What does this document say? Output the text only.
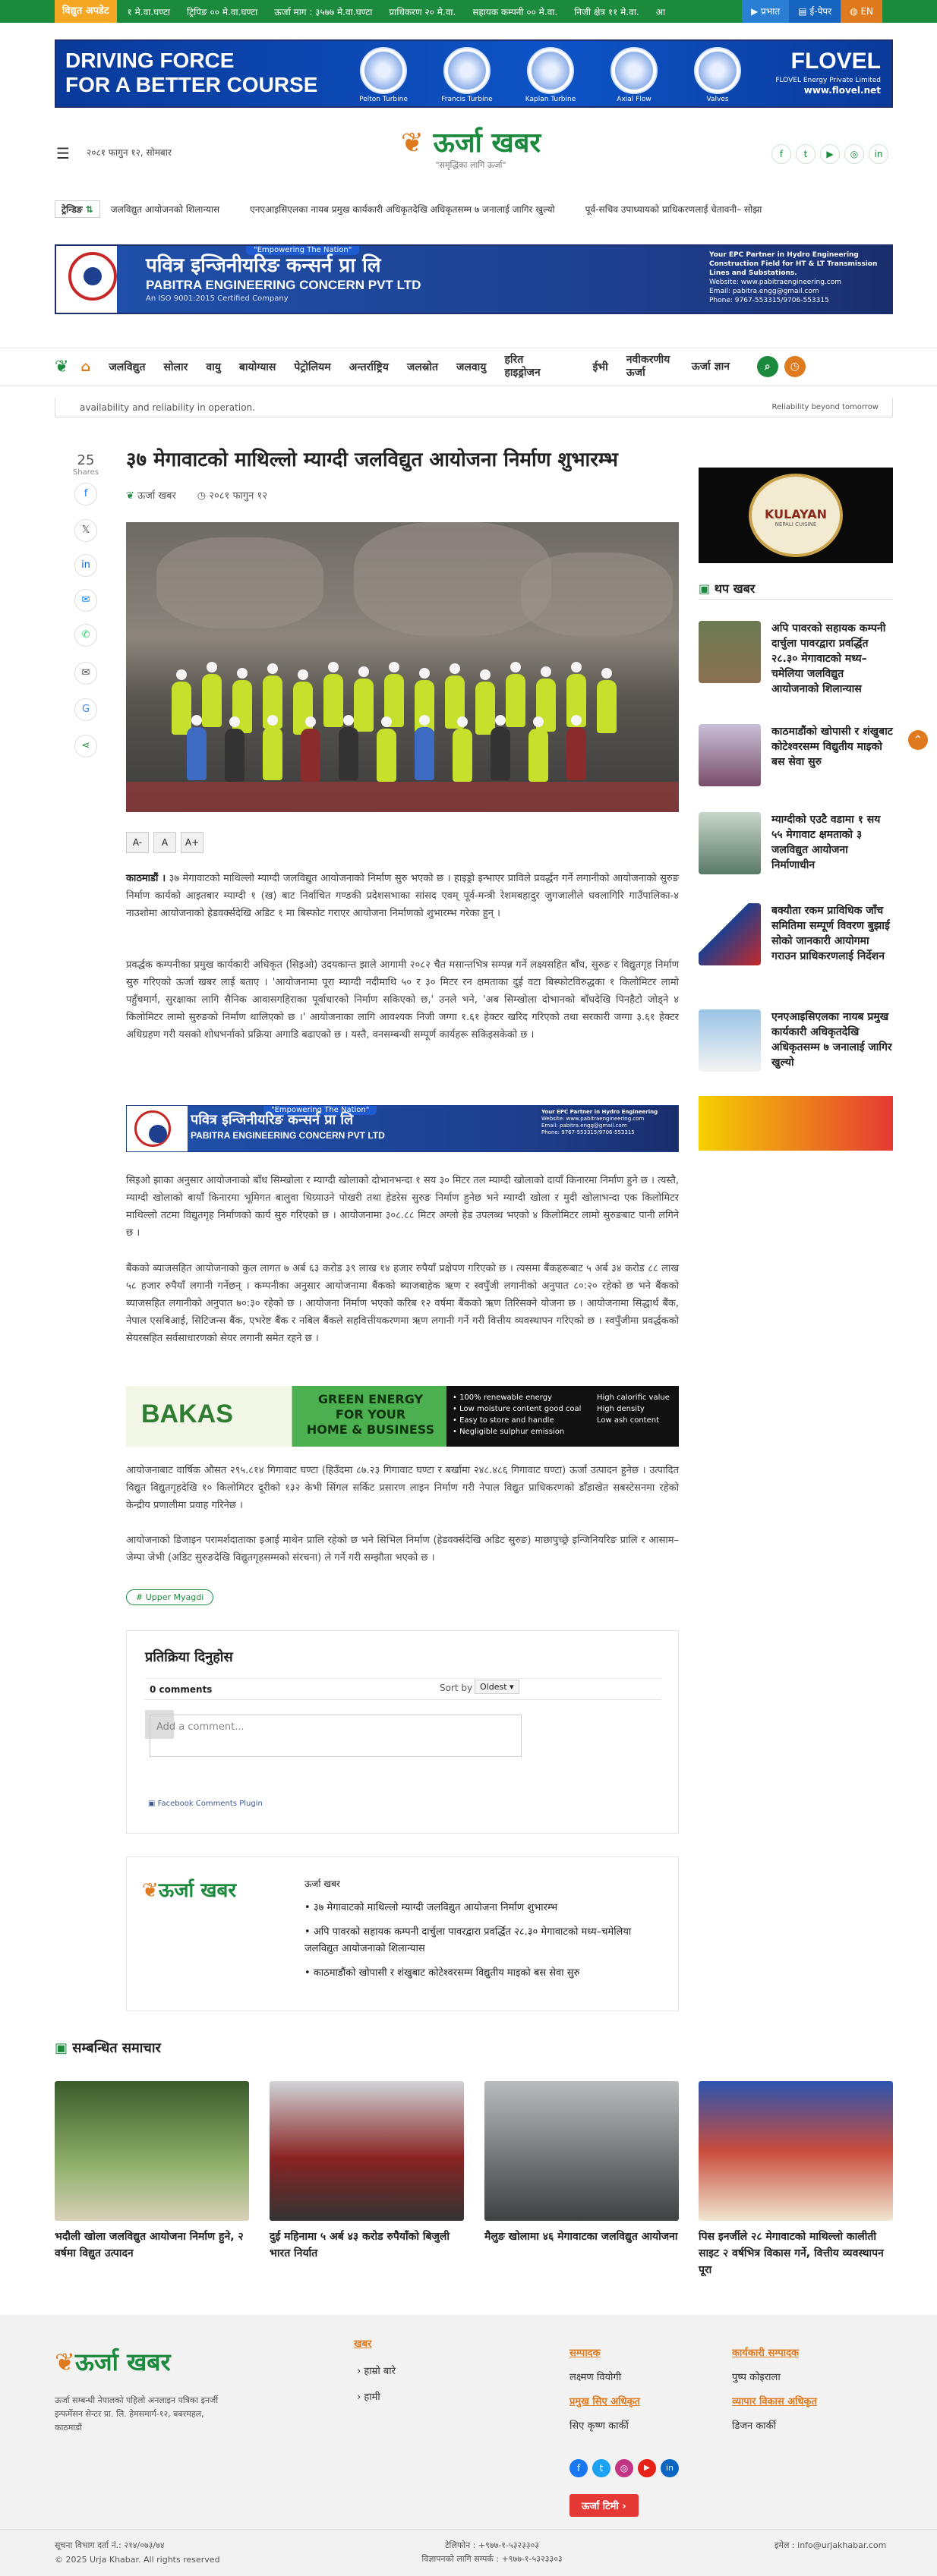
विद्युत अपडेट	१ मे.वा.घण्टा ट्रिपिङ ०० मे.वा.घण्टा ऊर्जा माग : ३५७७ मे.वा.घण्टा प्राधिकरण २० मे.वा. सहायक कम्पनी ०० मे.वा. निजी क्षेत्र ११ मे.वा. आ	▶ प्रभात	▤ ई-पेपर	◍ EN
DRIVING FORCE
FOR A BETTER COURSE
Pelton Turbine	Francis Turbine	Kaplan Turbine	Axial Flow	Valves
FLOVEL
FLOVEL Energy Private Limited
www.flovel.net
☰ २०८१ फागुन १२, सोमबार	❦ ऊर्जा खबर
"समृद्धिका लागि ऊर्जा"
f t ▶ ◎ in
ट्रेन्डिङ ⇅	जलविद्युत आयोजनको शिलान्यास	एनएआइसिएलका नायब प्रमुख कार्यकारी अधिकृतदेखि अधिकृतसम्म ७ जनालाई जागिर खुल्यो	पूर्व-सचिव उपाध्यायको प्राधिकरणलाई चेतावनी– सोझा
"Empowering The Nation"
पवित्र इन्जिनीयरिङ कन्सर्न प्रा लि
PABITRA ENGINEERING CONCERN PVT LTD
An ISO 9001:2015 Certified Company
Your EPC Partner in Hydro Engineering
Construction Field for HT & LT Transmission
Lines and Substations.
Website: www.pabitraengineering.com
Email: pabitra.engg@gmail.com
Phone: 9767-553315/9706-553315
❦ ⌂ जलविद्युत सोलार वायु बायोग्यास पेट्रोलियम अन्तर्राष्ट्रिय जलस्रोत जलवायु
हरित हाइड्रोजन	ईभी
नवीकरणीय ऊर्जा
ऊर्जा ज्ञान	⌕	◷
availability and reliability in operation.	Reliability beyond tomorrow
25
Shares
f
𝕏
in
✉
✆
✉
G
⋖
३७ मेगावाटको माथिल्लो म्याग्दी जलविद्युत आयोजना निर्माण शुभारम्भ
❦ ऊर्जा खबर ◷ २०८१ फागुन १२
A-	A	A+
काठमाडौं । ३७ मेगावाटको माथिल्लो म्याग्दी जलविद्युत आयोजनाको निर्माण सुरु भएको छ । हाइड्रो इन्भाएर प्राविले प्रवर्द्धन गर्ने लगानीको आयोजनाको सुरुङ निर्माण कार्यको आइतबार म्याग्दी १ (ख) बाट निर्वाचित गण्डकी प्रदेशसभाका सांसद एवम् पूर्व-मन्त्री रेशमबहादुर जुगजालीले धवलागिरि गाउँपालिका-४ नाउशोमा आयोजनाको हेडवर्क्सदेखि अडिट १ मा बिस्फोट गराएर आयोजना निर्माणको शुभारम्भ गरेका हुन् ।
प्रवर्द्धक कम्पनीका प्रमुख कार्यकारी अधिकृत (सिइओ) उदयकान्त झाले आगामी २०८२ चैत मसान्तभित्र सम्पन्न गर्ने लक्ष्यसहित बाँध, सुरुङ र विद्युतगृह निर्माण सुरु गरिएको ऊर्जा खबर लाई बताए । 'आयोजनामा पूरा म्याग्दी नदीमाथि ५० र ३० मिटर रन क्षमताका दुई वटा बिस्फोटविरुद्धका १ किलोमिटर लामो पहुँचमार्ग, सुरक्षाका लागि सैनिक आवासगहिराका पूर्वाधारको निर्माण सकिएको छ,' उनले भने, 'अब सिम्खोला दोभानको बाँधदेखि पिनहैटो जोड्ने ४ किलोमिटर लामो सुरुङको निर्माण थालिएको छ ।' आयोजनाका लागि आवश्यक निजी जग्गा १.६१ हेक्टर खरिद गरिएको तथा सरकारी जग्गा ३.६१ हेक्टर अधिग्रहण गरी यसको शोधभर्नाको प्रक्रिया अगाडि बढाएको छ । यस्तै, वनसम्बन्धी सम्पूर्ण कार्यहरू सकिइसकेको छ ।
"Empowering The Nation"
पवित्र इन्जिनीयरिङ कन्सर्न प्रा लि
PABITRA ENGINEERING CONCERN PVT LTD
Your EPC Partner in Hydro Engineering
Website: www.pabitraengineering.com
Email: pabitra.engg@gmail.com
Phone: 9767-553315/9706-553315
सिइओ झाका अनुसार आयोजनाको बाँध सिम्खोला र म्याग्दी खोलाको दोभानभन्दा १ सय ३० मिटर तल म्याग्दी खोलाको दायाँ किनारमा निर्माण हुने छ । त्यस्तै, म्याग्दी खोलाको बायाँ किनारमा भूमिगत बालुवा थिग्र्याउने पोखरी तथा हेडरेस सुरुङ निर्माण हुनेछ भने म्याग्दी खोला र मुदी खोलाभन्दा एक किलोमिटर माथिल्लो तटमा विद्युतगृह निर्माणको कार्य सुरु गरिएको छ । आयोजनामा ३०८.८८ मिटर अग्लो हेड उपलब्ध भएको ४ किलोमिटर लामो सुरुङबाट पानी लगिने छ ।
बैंकको ब्याजसहित आयोजनाको कुल लागत ७ अर्ब ६३ करोड ३९ लाख १४ हजार रुपैयाँ प्रक्षेपण गरिएको छ । त्यसमा बैंकहरूबाट ५ अर्ब ३४ करोड ८८ लाख ५८ हजार रुपैयाँ लगानी गर्नेछन् । कम्पनीका अनुसार आयोजनामा बैंकको ब्याजबाहेक ऋण र स्वपुँजी लगानीको अनुपात ८०:२० रहेको छ भने बैंकको ब्याजसहित लगानीको अनुपात ७०:३० रहेको छ । आयोजना निर्माण भएको करिब १२ वर्षमा बैंकको ऋण तिरिसक्ने योजना छ । आयोजनामा सिद्धार्थ बैंक, नेपाल एसबिआई, सिटिजन्स बैंक, एभरेष्ट बैंक र नबिल बैंकले सहवित्तीयकरणमा ऋण लगानी गर्ने गरी वित्तीय व्यवस्थापन गरिएको छ । स्वपुँजीमा प्रवर्द्धकको सेयरसहित सर्वसाधारणको सेयर लगानी समेत रहने छ ।
BAKAS
GREEN ENERGY
FOR YOUR
HOME & BUSINESS
• 100% renewable energy
• Low moisture content good coal
• Easy to store and handle
• Negligible sulphur emission
High calorific value
High density
Low ash content
आयोजनाबाट वार्षिक औसत २९५.८१४ गिगावाट घण्टा (हिउँदमा ८७.२३ गिगावाट घण्टा र बर्खामा २४८.४८६ गिगावाट घण्टा) ऊर्जा उत्पादन हुनेछ । उत्पादित विद्युत विद्युतगृहदेखि १० किलोमिटर दूरीको १३२ केभी सिंगल सर्किट प्रसारण लाइन निर्माण गरी नेपाल विद्युत प्राधिकरणको डाँडाखेत सबस्टेसनमा रहेको केन्द्रीय प्रणालीमा प्रवाह गरिनेछ ।
आयोजनाको डिजाइन परामर्शदाताका इआई माथेन प्रालि रहेको छ भने सिभिल निर्माण (हेडवर्क्सदेखि अडिट सुरुङ) माछापुच्छ्रे इन्जिनियरिङ प्रालि र आसाम–जेम्पा जेभी (अडिट सुरुङदेखि विद्युतगृहसम्मको संरचना) ले गर्ने गरी सम्झौता भएको छ ।
# Upper Myagdi
प्रतिक्रिया दिनुहोस
0 comments	Sort by Oldest ▾
Add a comment...
▣ Facebook Comments Plugin
❦ऊर्जा खबर	ऊर्जा खबर
• ३७ मेगावाटको माथिल्लो म्याग्दी जलविद्युत आयोजना निर्माण शुभारम्भ
• अपि पावरको सहायक कम्पनी दार्चुला पावरद्वारा प्रवर्द्धित २८.३० मेगावाटको मध्य–चमेलिया जलविद्युत आयोजनाको शिलान्यास
• काठमाडौंको खोपासी र शंखुबाट कोटेश्वरसम्म विद्युतीय माइको बस सेवा सुरु
KULAYAN
NEPALI CUISINE
▣ थप खबर
अपि पावरको सहायक कम्पनी दार्चुला पावरद्वारा प्रवर्द्धित २८.३० मेगावाटको मध्य–चमेलिया जलविद्युत आयोजनाको शिलान्यास
काठमाडौंको खोपासी र शंखुबाट कोटेश्वरसम्म विद्युतीय माइको बस सेवा सुरु
म्याग्दीको एउटै वडामा १ सय ५५ मेगावाट क्षमताको ३ जलविद्युत आयोजना निर्माणाधीन
बक्यौता रकम प्राविधिक जाँच समितिमा सम्पूर्ण विवरण बुझाई सोको जानकारी आयोगमा गराउन प्राधिकरणलाई निर्देशन
एनएआइसिएलका नायब प्रमुख कार्यकारी अधिकृतदेखि अधिकृतसम्म ७ जनालाई जागिर खुल्यो
⌃
▣ सम्बन्धित समाचार
भदौली खोला जलविद्युत आयोजना निर्माण हुने, २ वर्षमा विद्युत उत्पादन
दुई महिनामा ५ अर्ब ४३ करोड रुपैयाँको बिजुली भारत निर्यात
मैलुङ खोलामा ४६ मेगावाटका जलविद्युत आयोजना पिस इनर्जीले २८ मेगावाटको माथिल्लो कालीती साइट २ वर्षभित्र विकास गर्ने, वित्तीय व्यवस्थापन पूरा
❦ऊर्जा खबर
ऊर्जा सम्बन्धी नेपालको पहिलो अनलाइन पत्रिका इनर्जी इन्फर्मेसन सेन्टर प्रा. लि. हेमसमार्ग-१२, बबरमहल, काठमाडौं
खबर
› हाम्रो बारे
› हामी
सम्पादक
लक्ष्मण वियोगी
प्रमुख सिए अधिकृत
सिए कृष्ण कार्की
कार्यकारी सम्पादक
पुष्प कोइराला
व्यापार विकास अधिकृत
डिजन कार्की
f	t	◎	▶	in
ऊर्जा टिमी ›
सूचना विभाग दर्ता नं.: २१४/०७३/७४
© 2025 Urja Khabar. All rights reserved
टेलिफोन : +९७७-१-५३२३३०३
विज्ञापनको लागि सम्पर्क : +९७७-१-५३२३३०३
इमेल : info@urjakhabar.com
